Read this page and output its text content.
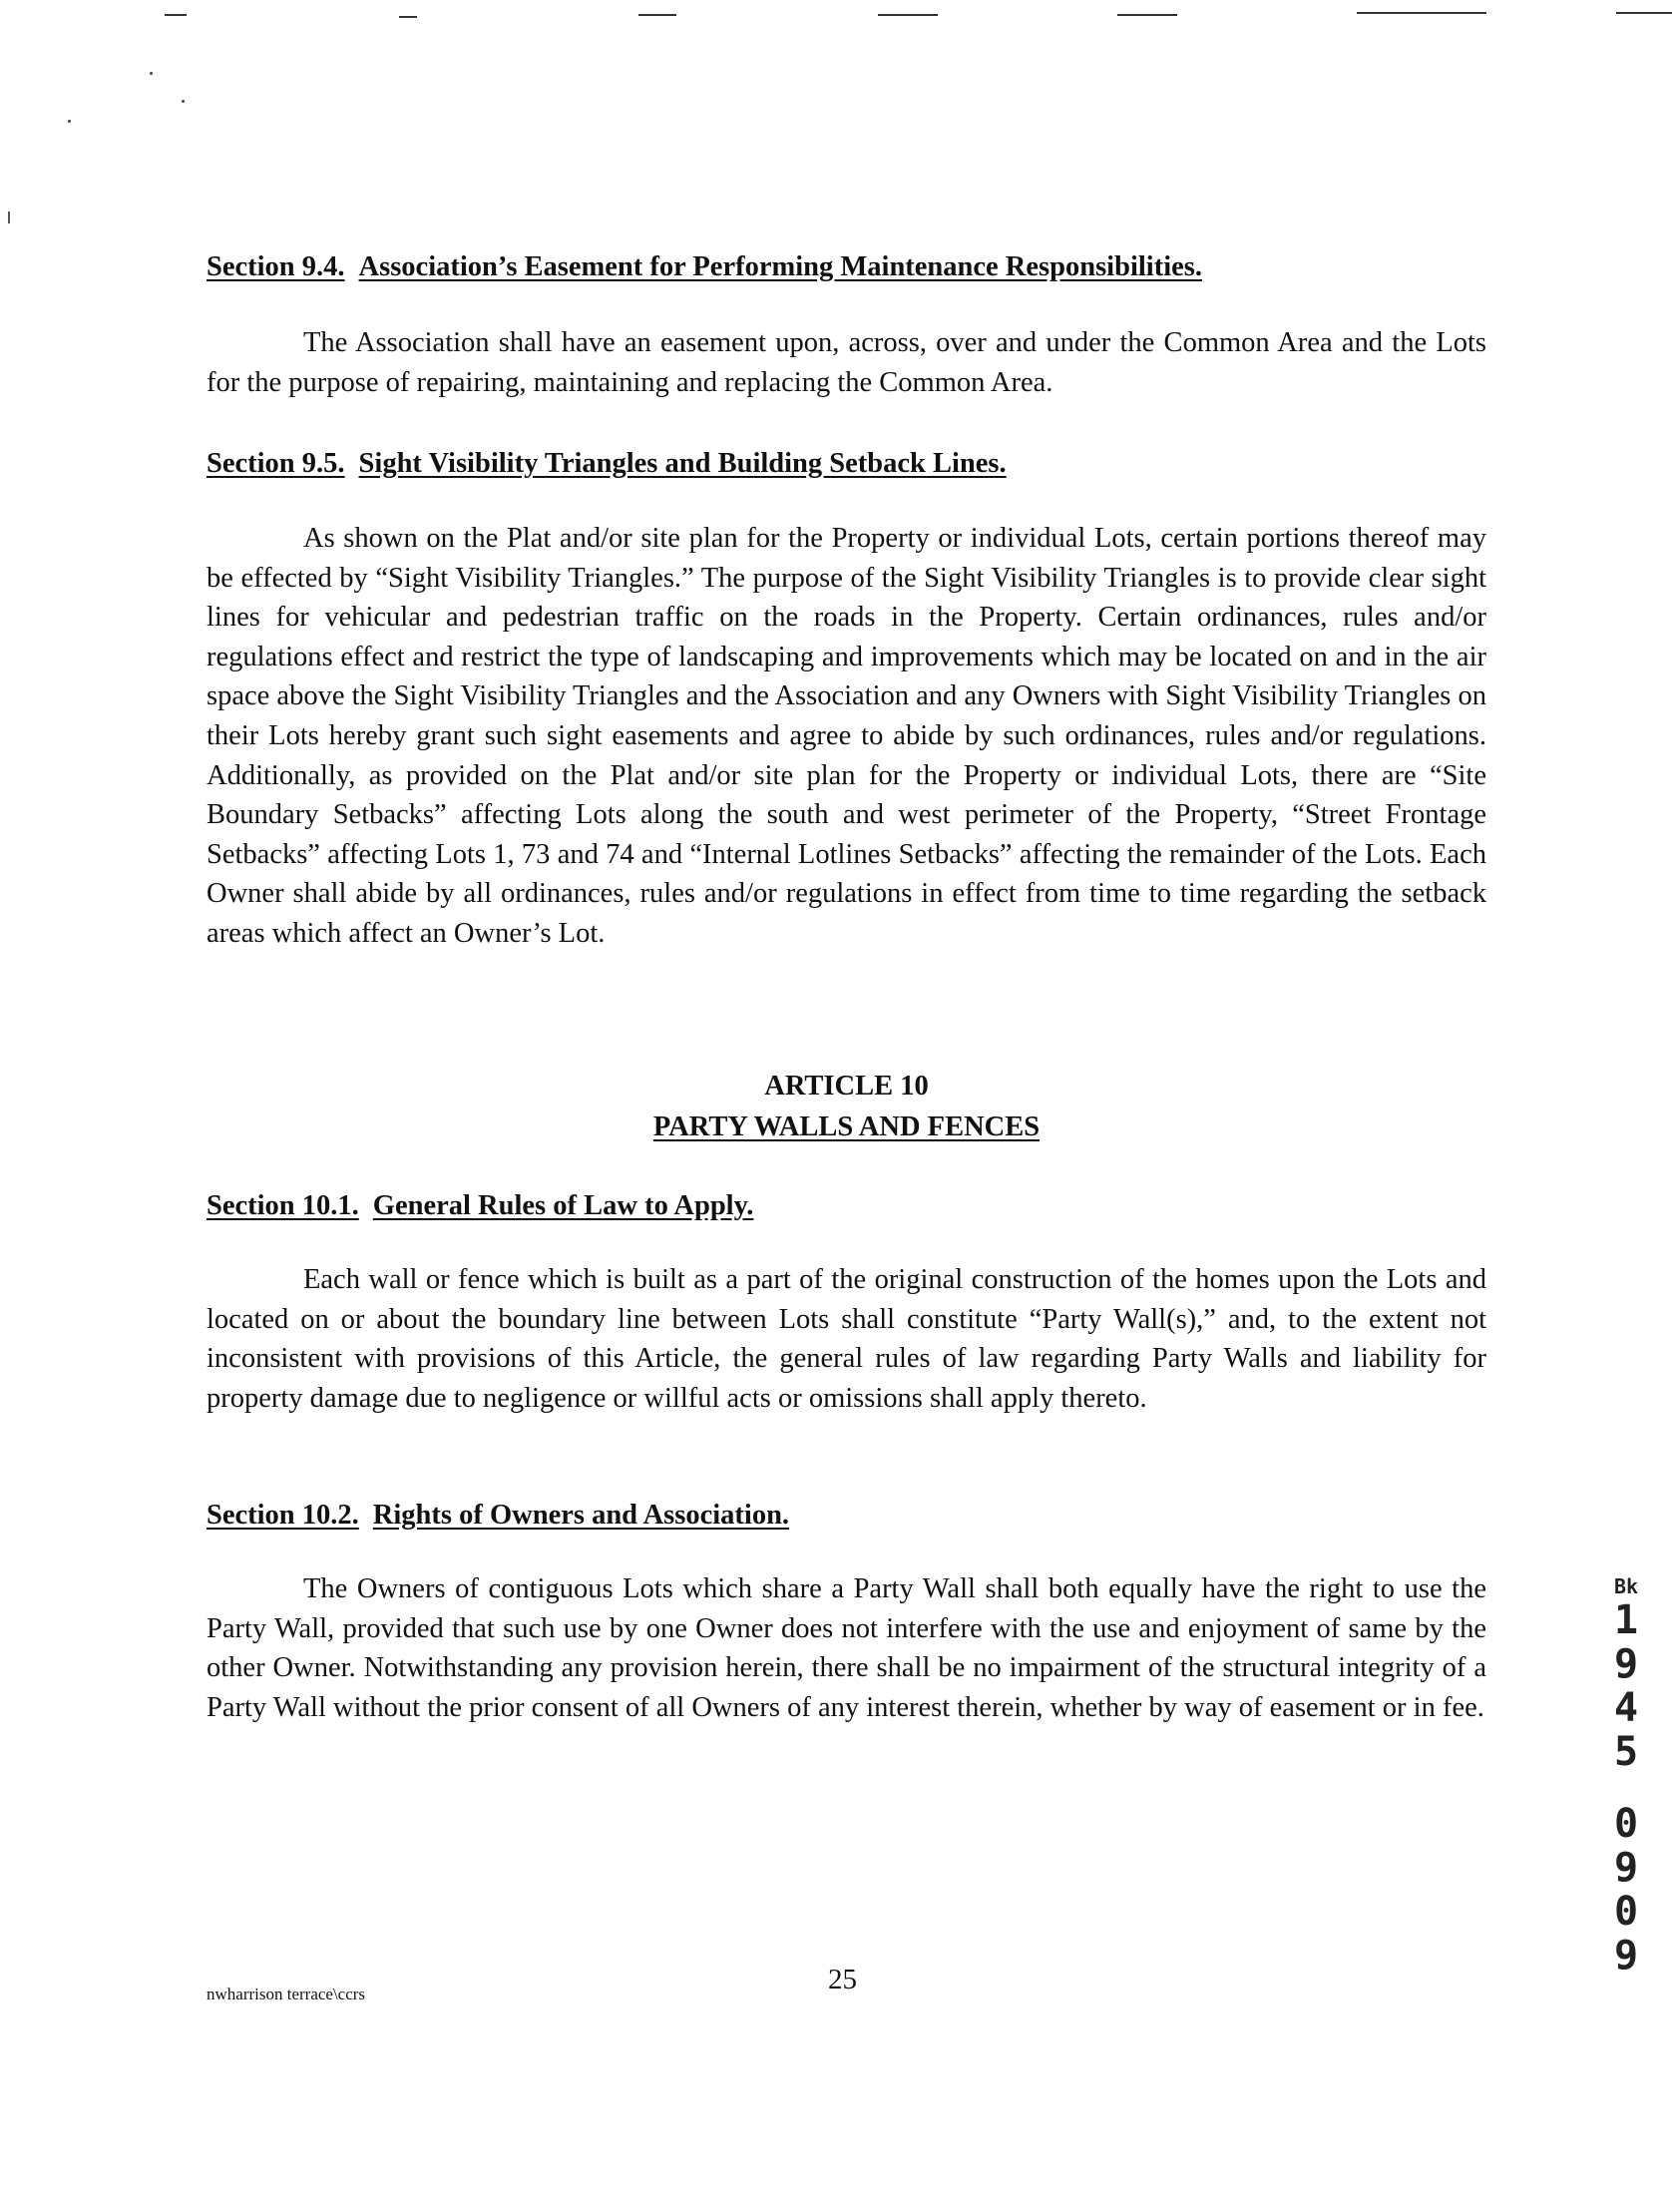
Section 9.4. Association’s Easement for Performing Maintenance Responsibilities.

The Association shall have an easement upon, across, over and under the Common Area and the Lots for the purpose of repairing, maintaining and replacing the Common Area.

Section 9.5. Sight Visibility Triangles and Building Setback Lines.

As shown on the Plat and/or site plan for the Property or individual Lots, certain portions thereof may be effected by “Sight Visibility Triangles.” The purpose of the Sight Visibility Triangles is to provide clear sight lines for vehicular and pedestrian traffic on the roads in the Property. Certain ordinances, rules and/or regulations effect and restrict the type of landscaping and improvements which may be located on and in the air space above the Sight Visibility Triangles and the Association and any Owners with Sight Visibility Triangles on their Lots hereby grant such sight easements and agree to abide by such ordinances, rules and/or regulations. Additionally, as provided on the Plat and/or site plan for the Property or individual Lots, there are “Site Boundary Setbacks” affecting Lots along the south and west perimeter of the Property, “Street Frontage Setbacks” affecting Lots 1, 73 and 74 and “Internal Lotlines Setbacks” affecting the remainder of the Lots. Each Owner shall abide by all ordinances, rules and/or regulations in effect from time to time regarding the setback areas which affect an Owner’s Lot.

ARTICLE 10
PARTY WALLS AND FENCES
Section 10.1. General Rules of Law to Apply.

Each wall or fence which is built as a part of the original construction of the homes upon the Lots and located on or about the boundary line between Lots shall constitute “Party Wall(s),” and, to the extent not inconsistent with provisions of this Article, the general rules of law regarding Party Walls and liability for property damage due to negligence or willful acts or omissions shall apply thereto.

Section 10.2. Rights of Owners and Association.

The Owners of contiguous Lots which share a Party Wall shall both equally have the right to use the Party Wall, provided that such use by one Owner does not interfere with the use and enjoyment of same by the other Owner. Notwithstanding any provision herein, there shall be no impairment of the structural integrity of a Party Wall without the prior consent of all Owners of any interest therein, whether by way of easement or in fee.

nwharrison terrace\ccrs	25
Bk
1
9
4
5
0
9
0
9
